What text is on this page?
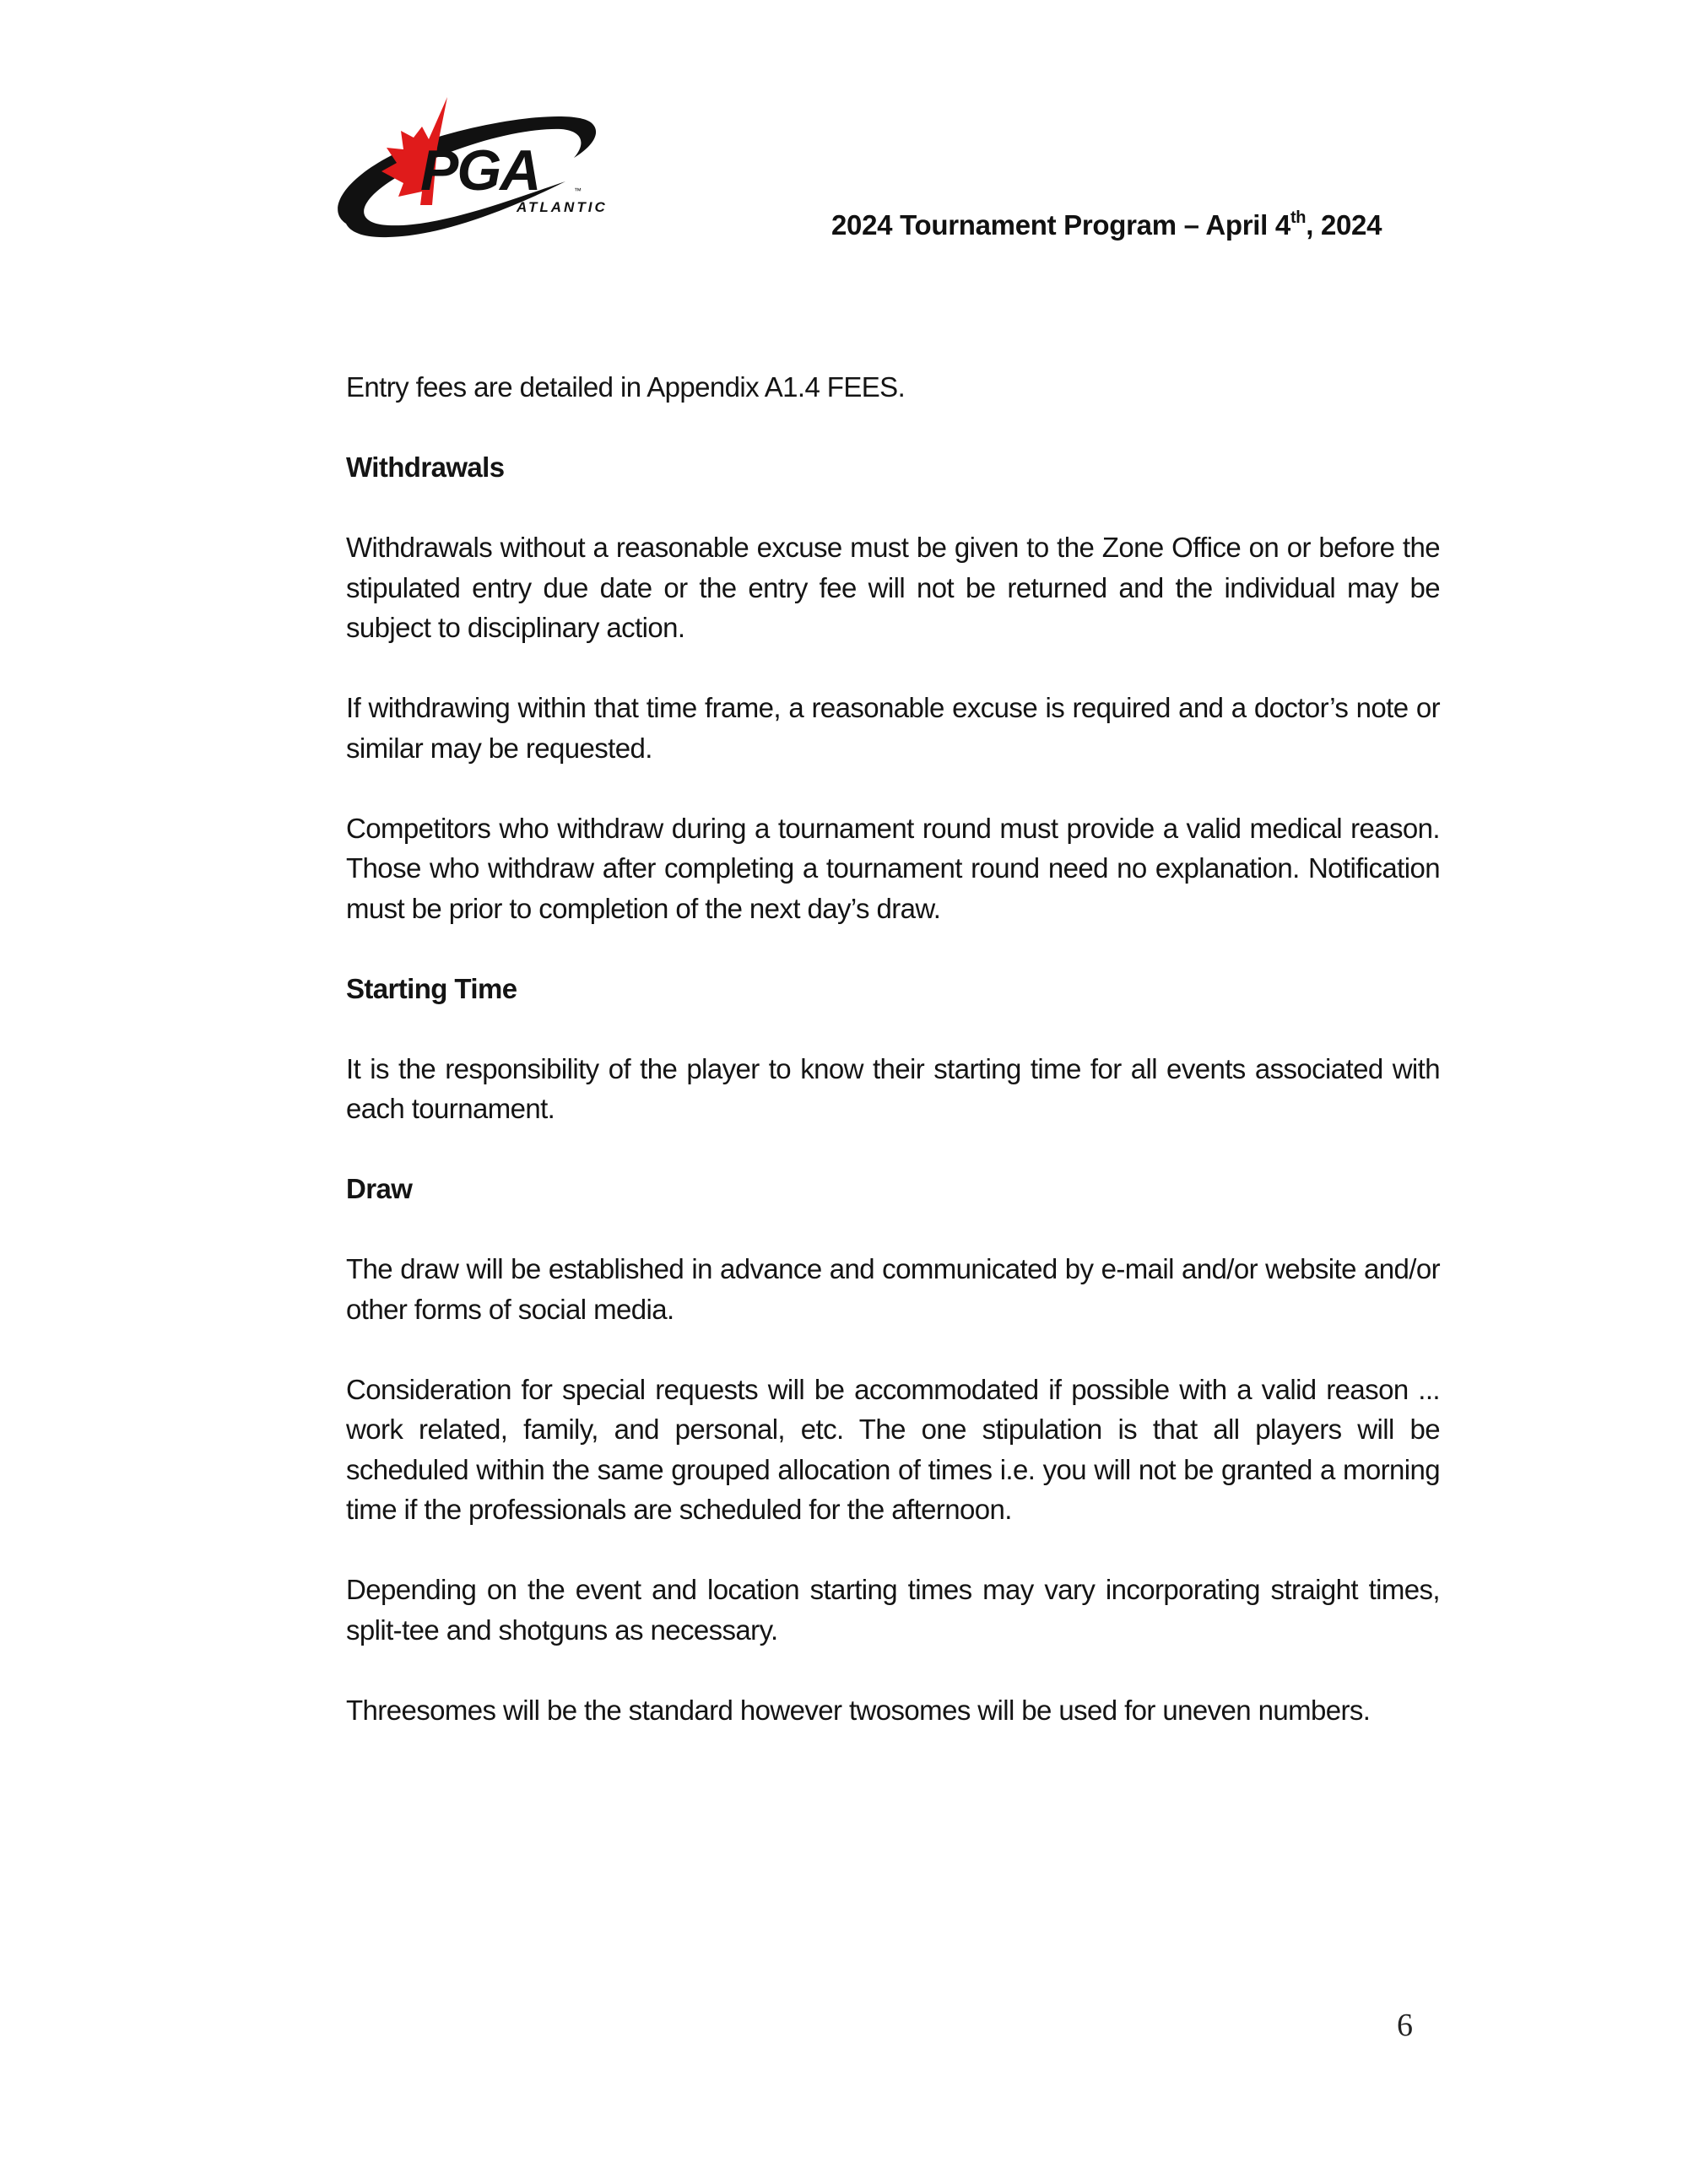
PGA	™
ATLANTIC
2024 Tournament Program – April 4th, 2024

Entry fees are detailed in Appendix A1.4 FEES.

Withdrawals

Withdrawals without a reasonable excuse must be given to the Zone Office on or before the stipulated entry due date or the entry fee will not be returned and the individual may be subject to disciplinary action.

If withdrawing within that time frame, a reasonable excuse is required and a doctor’s note or similar may be requested.

Competitors who withdraw during a tournament round must provide a valid medical reason. Those who withdraw after completing a tournament round need no explanation. Notification must be prior to completion of the next day’s draw.

Starting Time

It is the responsibility of the player to know their starting time for all events associated with each tournament.

Draw

The draw will be established in advance and communicated by e-mail and/or website and/or other forms of social media.

Consideration for special requests will be accommodated if possible with a valid reason ... work related, family, and personal, etc. The one stipulation is that all players will be scheduled within the same grouped allocation of times i.e. you will not be granted a morning time if the professionals are scheduled for the afternoon.

Depending on the event and location starting times may vary incorporating straight times, split-tee and shotguns as necessary.

Threesomes will be the standard however twosomes will be used for uneven numbers.

6
